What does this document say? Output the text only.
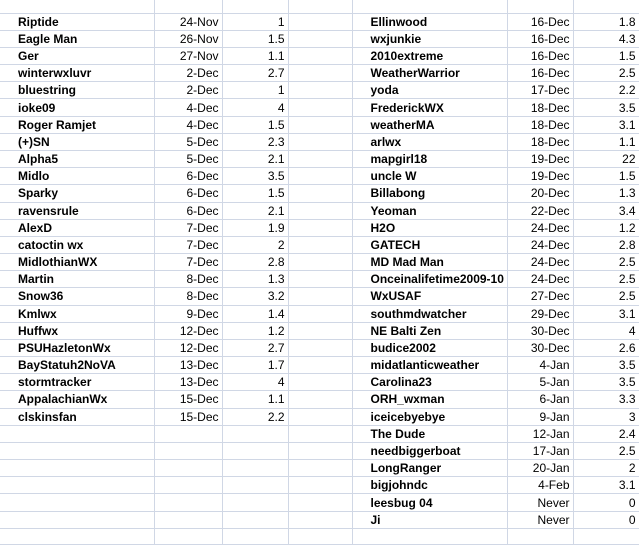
Riptide	24-Nov	1		Ellinwood	16-Dec	1.8
Eagle Man	26-Nov	1.5		wxjunkie	16-Dec	4.3
Ger	27-Nov	1.1		2010extreme	16-Dec	1.5
winterwxluvr	2-Dec	2.7		WeatherWarrior	16-Dec	2.5
bluestring	2-Dec	1		yoda	17-Dec	2.2
ioke09	4-Dec	4		FrederickWX	18-Dec	3.5
Roger Ramjet	4-Dec	1.5		weatherMA	18-Dec	3.1
(+)SN	5-Dec	2.3		arlwx	18-Dec	1.1
Alpha5	5-Dec	2.1		mapgirl18	19-Dec	22
Midlo	6-Dec	3.5		uncle W	19-Dec	1.5
Sparky	6-Dec	1.5		Billabong	20-Dec	1.3
ravensrule	6-Dec	2.1		Yeoman	22-Dec	3.4
AlexD	7-Dec	1.9		H2O	24-Dec	1.2
catoctin wx	7-Dec	2		GATECH	24-Dec	2.8
MidlothianWX	7-Dec	2.8		MD Mad Man	24-Dec	2.5
Martin	8-Dec	1.3		Onceinalifetime2009-10	24-Dec	2.5
Snow36	8-Dec	3.2		WxUSAF	27-Dec	2.5
Kmlwx	9-Dec	1.4		southmdwatcher	29-Dec	3.1
Huffwx	12-Dec	1.2		NE Balti Zen	30-Dec	4
PSUHazletonWx	12-Dec	2.7		budice2002	30-Dec	2.6
BayStatuh2NoVA	13-Dec	1.7		midatlanticweather	4-Jan	3.5
stormtracker	13-Dec	4		Carolina23	5-Jan	3.5
AppalachianWx	15-Dec	1.1		ORH_wxman	6-Jan	3.3
clskinsfan	15-Dec	2.2		iceicebyebye	9-Jan	3
				The Dude	12-Jan	2.4
				needbiggerboat	17-Jan	2.5
				LongRanger	20-Jan	2
				bigjohndc	4-Feb	3.1
				leesbug 04	Never	0
				Ji	Never	0
